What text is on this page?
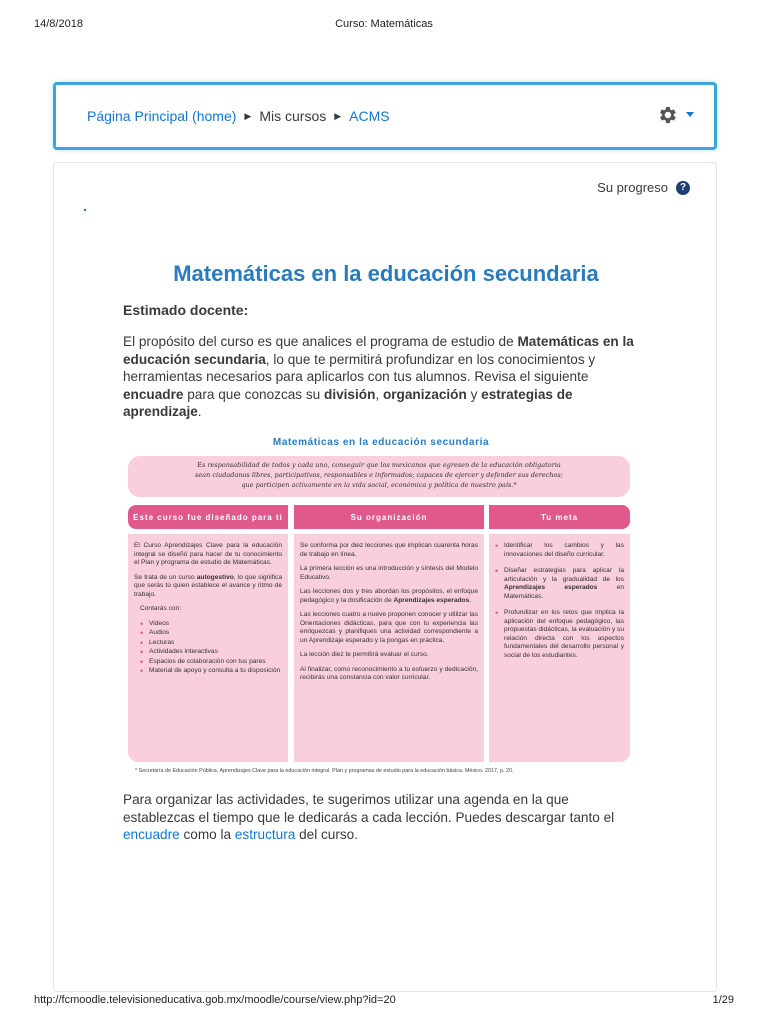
14/8/2018	Curso: Matemáticas
Página Principal (home) ▶ Mis cursos ▶ ACMS
Su progreso	?
Matemáticas en la educación secundaria
Estimado docente:

El propósito del curso es que analices el programa de estudio de Matemáticas en la educación secundaria, lo que te permitirá profundizar en los conocimientos y herramientas necesarios para aplicarlos con tus alumnos. Revisa el siguiente encuadre para que conozcas su división, organización y estrategias de aprendizaje.

Matemáticas en la educación secundaria
Es responsabilidad de todos y cada uno, conseguir que los mexicanos que egresen de la educación obligatoria
sean ciudadanos libres, participativos, responsables e informados; capaces de ejercer y defender sus derechos;
que participen activamente en la vida social, económica y política de nuestro país.*
Este curso fue diseñado para ti	Su organización	Tu meta

El Curso Aprendizajes Clave para la educación integral se diseñó para hacer de tu conocimiento el Plan y programa de estudio de Matemáticas.

Se trata de un curso autogestivo, lo que significa que serás tú quien establece el avance y ritmo de trabajo.

Contarás con:

• Videos
• Audios
• Lecturas
• Actividades interactivas
• Espacios de colaboración con tus pares
• Material de apoyo y consulta a tu disposición

Se conforma por diez lecciones que implican cuarenta horas de trabajo en línea.

La primera lección es una introducción y síntesis del Modelo Educativo.

Las lecciones dos y tres abordan los propósitos, el enfoque pedagógico y la dosificación de Aprendizajes esperados.

Las lecciones cuatro a nueve proponen conocer y utilizar las Orientaciones didácticas, para que con tu experiencia las enriquezcas y planifiques una actividad correspondiente a un Aprendizaje esperado y la pongas en práctica.

La lección diez te permitirá evaluar el curso.

Al finalizar, como reconocimiento a tu esfuerzo y dedicación, recibirás una constancia con valor curricular.

• Identificar los cambios y las innovaciones del diseño curricular.
• Diseñar estrategias para aplicar la articulación y la gradualidad de los Aprendizajes esperados en Matemáticas.
• Profundizar en los retos que implica la aplicación del enfoque pedagógico, las propuestas didácticas, la evaluación y su relación directa con los aspectos fundamentales del desarrollo personal y social de los estudiantes.
* Secretaría de Educación Pública. Aprendizajes Clave para la educación integral. Plan y programas de estudio para la educación básica. México, 2017, p. 20.

Para organizar las actividades, te sugerimos utilizar una agenda en la que establezcas el tiempo que le dedicarás a cada lección. Puedes descargar tanto el encuadre como la estructura del curso.

http://fcmoodle.televisioneducativa.gob.mx/moodle/course/view.php?id=20	1/29
